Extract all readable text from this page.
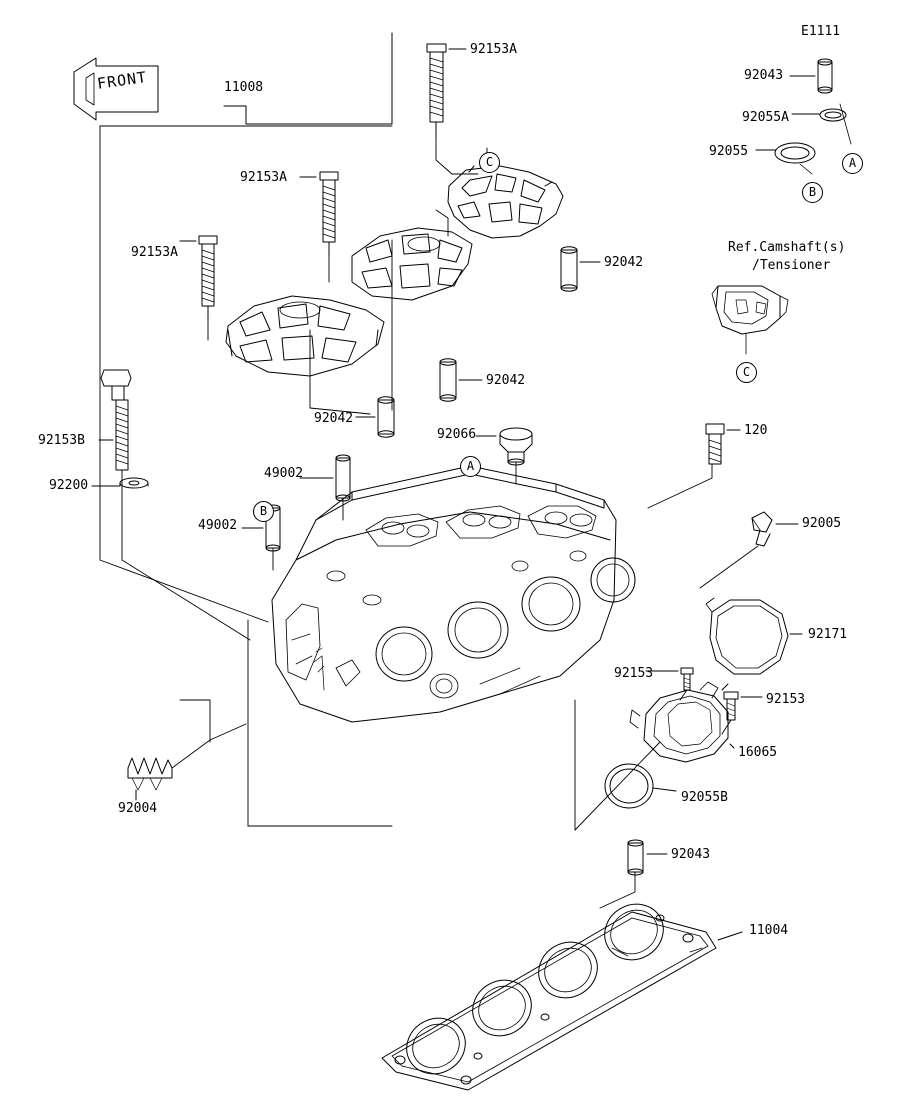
E1111
11008
92153A
92153A
92153A
92042
92042
92042
92153B
92200
49002
49002
92066	120
92005
92171
92153
92153
16065
92055B
92004
92043
11004
92043
92055A
92055
Ref.Camshaft(s)
/Tensioner
FRONT
C	A
B
C
A
B
